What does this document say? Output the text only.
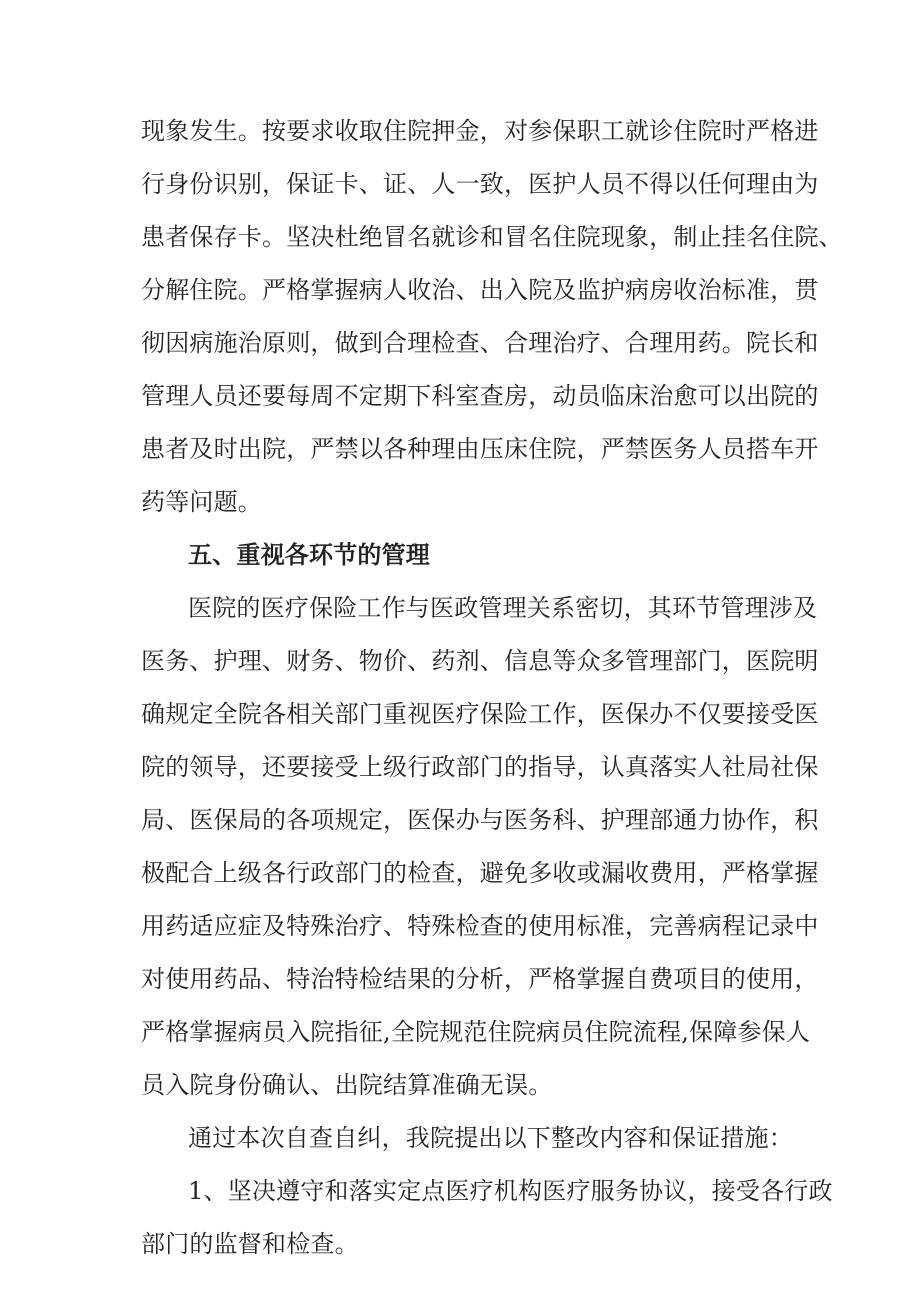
现象发生。按要求收取住院押金，对参保职工就诊住院时严格进
行身份识别，保证卡、证、人一致，医护人员不得以任何理由为
患者保存卡。坚决杜绝冒名就诊和冒名住院现象，制止挂名住院、
分解住院。严格掌握病人收治、出入院及监护病房收治标准，贯
彻因病施治原则，做到合理检查、合理治疗、合理用药。院长和
管理人员还要每周不定期下科室查房，动员临床治愈可以出院的
患者及时出院，严禁以各种理由压床住院，严禁医务人员搭车开
药等问题。
五、重视各环节的管理
医院的医疗保险工作与医政管理关系密切，其环节管理涉及
医务、护理、财务、物价、药剂、信息等众多管理部门，医院明
确规定全院各相关部门重视医疗保险工作，医保办不仅要接受医
院的领导，还要接受上级行政部门的指导，认真落实人社局社保
局、医保局的各项规定，医保办与医务科、护理部通力协作，积
极配合上级各行政部门的检查，避免多收或漏收费用，严格掌握
用药适应症及特殊治疗、特殊检查的使用标准，完善病程记录中
对使用药品、特治特检结果的分析，严格掌握自费项目的使用，
严格掌握病员入院指征,全院规范住院病员住院流程,保障参保人
员入院身份确认、出院结算准确无误。
通过本次自查自纠，我院提出以下整改内容和保证措施：
1、坚决遵守和落实定点医疗机构医疗服务协议，接受各行政
部门的监督和检查。
